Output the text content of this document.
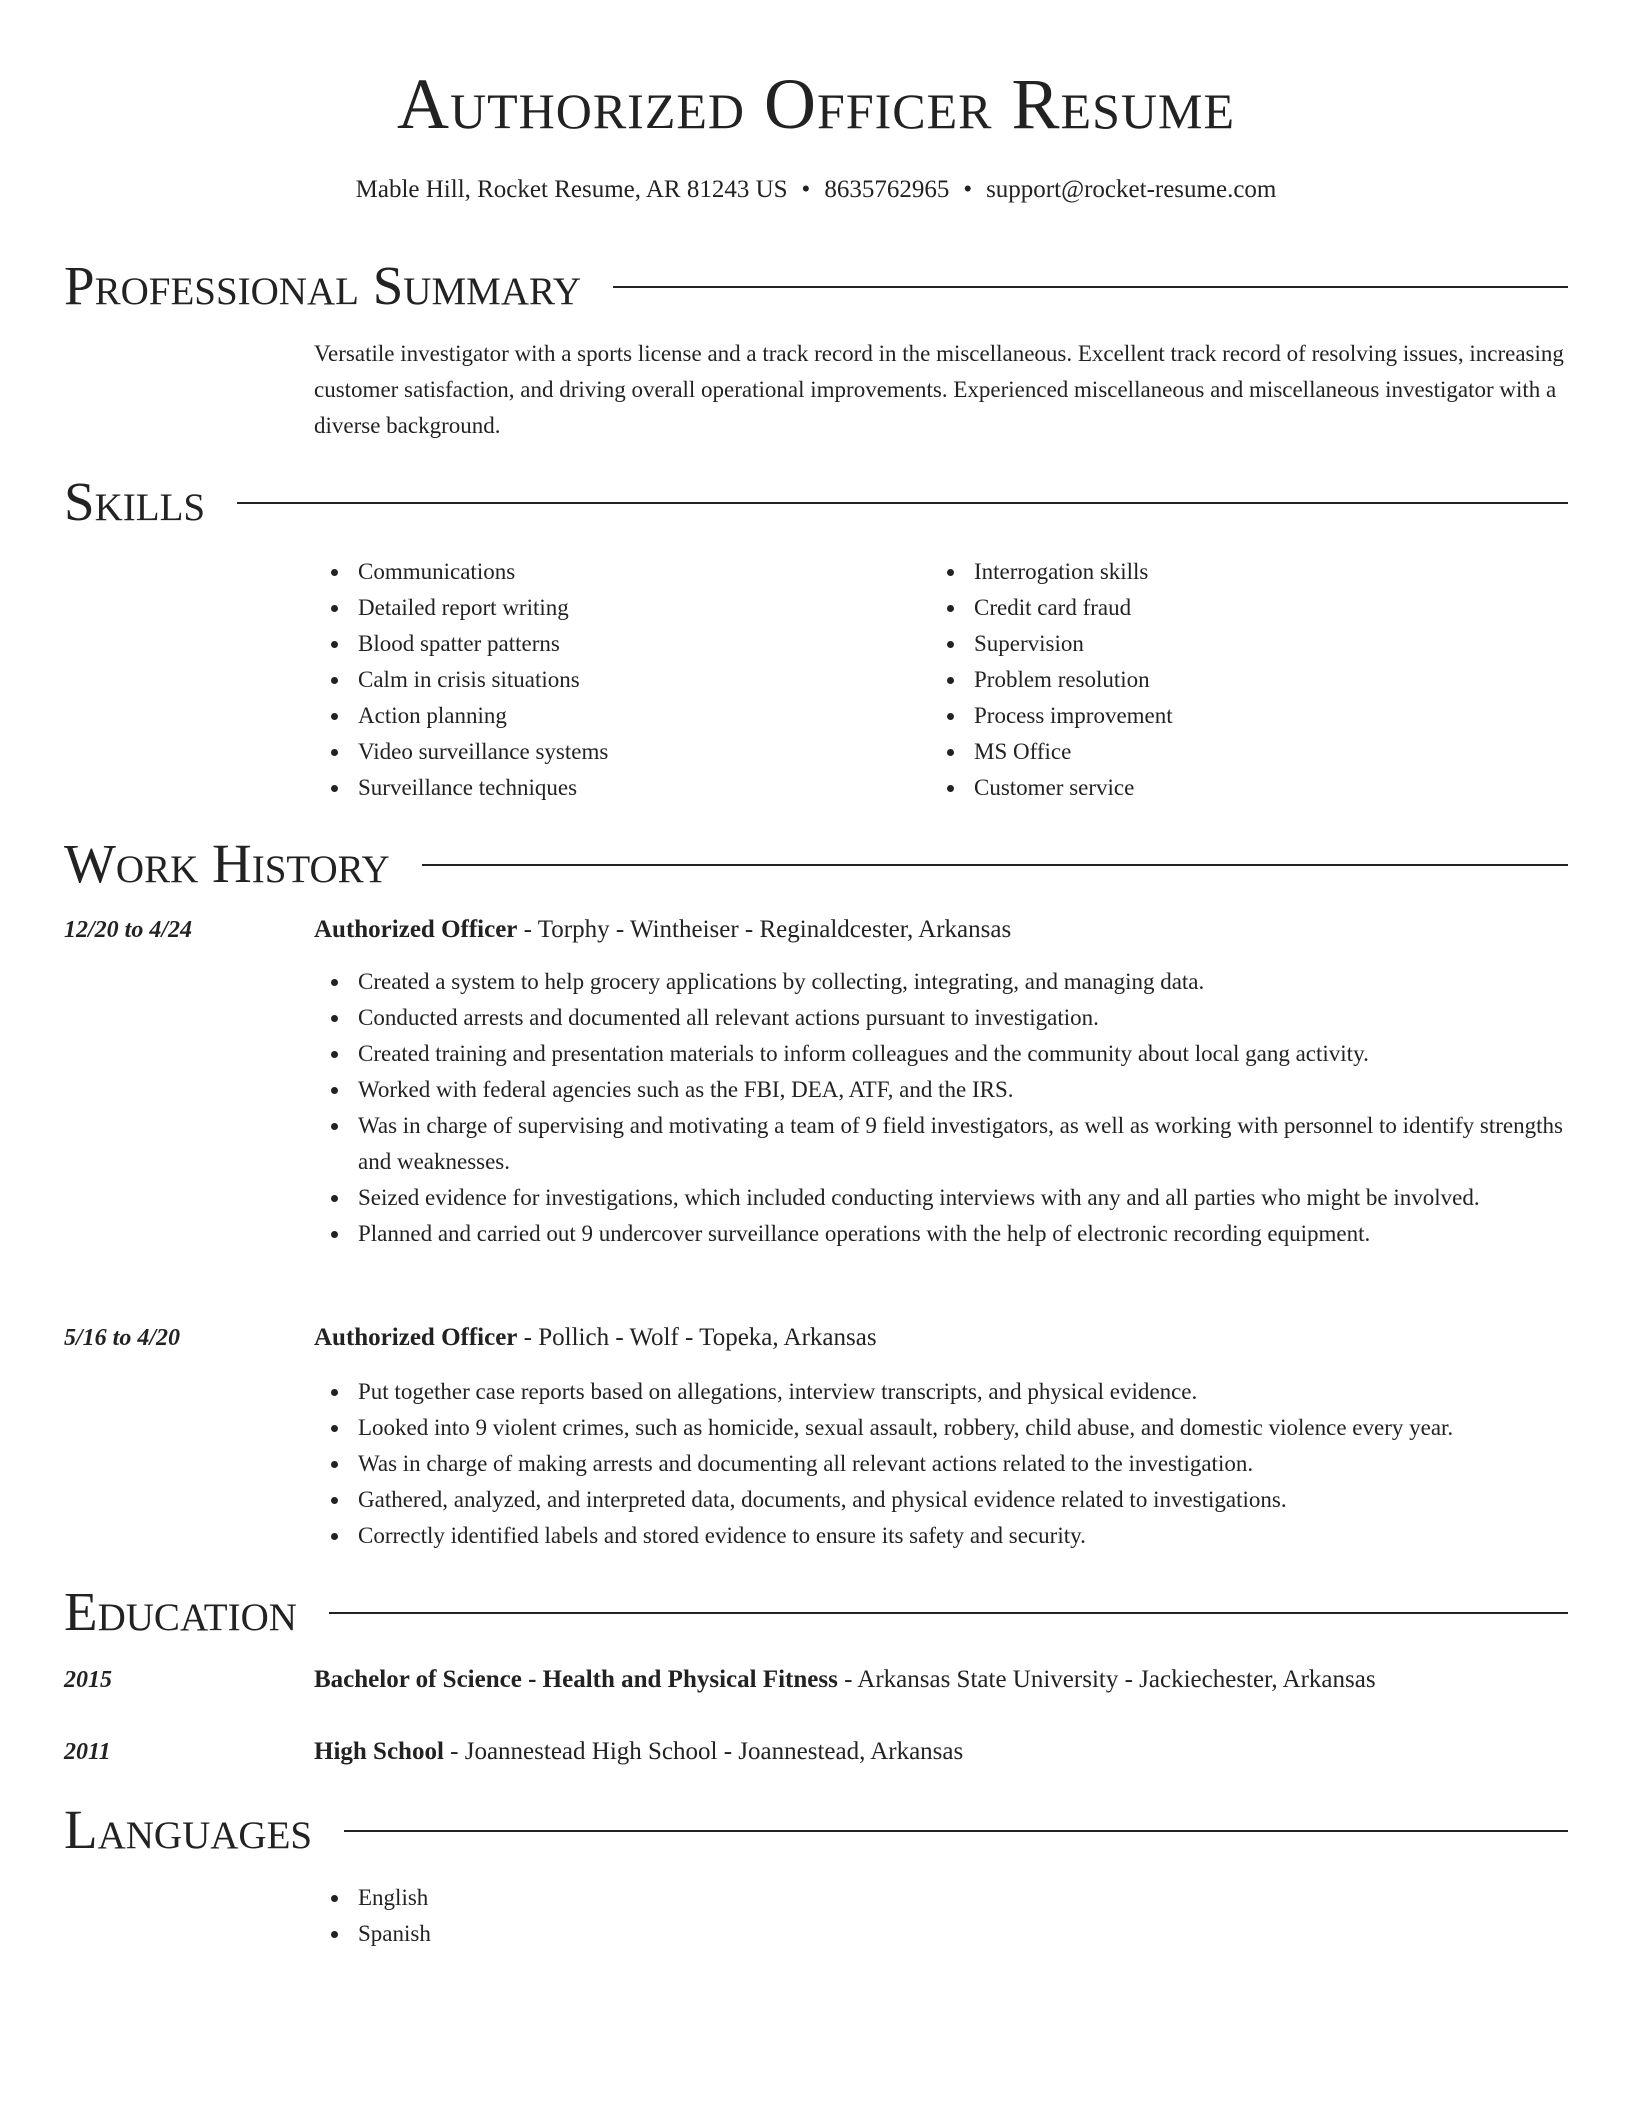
Authorized Officer Resume
Mable Hill, Rocket Resume, AR 81243 US • 8635762965 • support@rocket-resume.com
Professional Summary

Versatile investigator with a sports license and a track record in the miscellaneous. Excellent track record of resolving issues, increasing customer satisfaction, and driving overall operational improvements. Experienced miscellaneous and miscellaneous investigator with a diverse background.

Skills
Communications
Detailed report writing
Blood spatter patterns
Calm in crisis situations
Action planning
Video surveillance systems
Surveillance techniques
Interrogation skills
Credit card fraud
Supervision
Problem resolution
Process improvement
MS Office
Customer service
Work History
12/20 to 4/24	Authorized Officer - Torphy - Wintheiser - Reginaldcester, Arkansas
Created a system to help grocery applications by collecting, integrating, and managing data.
Conducted arrests and documented all relevant actions pursuant to investigation.
Created training and presentation materials to inform colleagues and the community about local gang activity.
Worked with federal agencies such as the FBI, DEA, ATF, and the IRS.
Was in charge of supervising and motivating a team of 9 field investigators, as well as working with personnel to identify strengths and weaknesses.
Seized evidence for investigations, which included conducting interviews with any and all parties who might be involved.
Planned and carried out 9 undercover surveillance operations with the help of electronic recording equipment.
5/16 to 4/20	Authorized Officer - Pollich - Wolf - Topeka, Arkansas
Put together case reports based on allegations, interview transcripts, and physical evidence.
Looked into 9 violent crimes, such as homicide, sexual assault, robbery, child abuse, and domestic violence every year.
Was in charge of making arrests and documenting all relevant actions related to the investigation.
Gathered, analyzed, and interpreted data, documents, and physical evidence related to investigations.
Correctly identified labels and stored evidence to ensure its safety and security.
Education
2015	Bachelor of Science - Health and Physical Fitness - Arkansas State University - Jackiechester, Arkansas
2011	High School - Joannestead High School - Joannestead, Arkansas
Languages
English
Spanish
